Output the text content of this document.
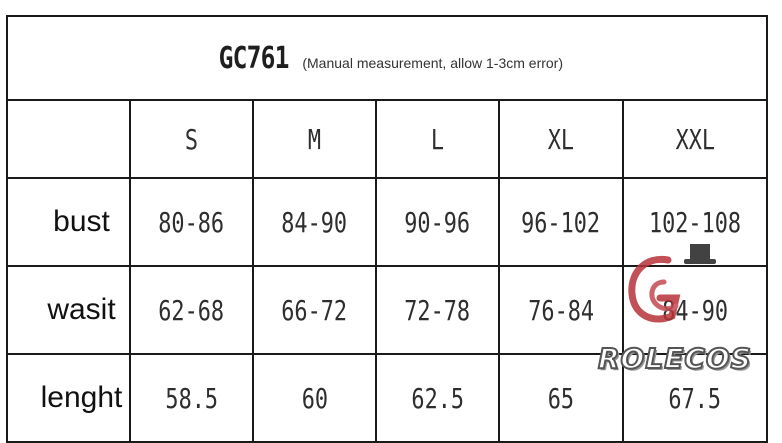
GC761 (Manual measurement, allow 1-3cm error)					
	S	M	L	XL	XXL
bust	80-86	84-90	90-96	96-102	102-108
wasit	62-68	66-72	72-78	76-84	84-90
lenght	58.5	60	62.5	65	67.5
ROLECOS
